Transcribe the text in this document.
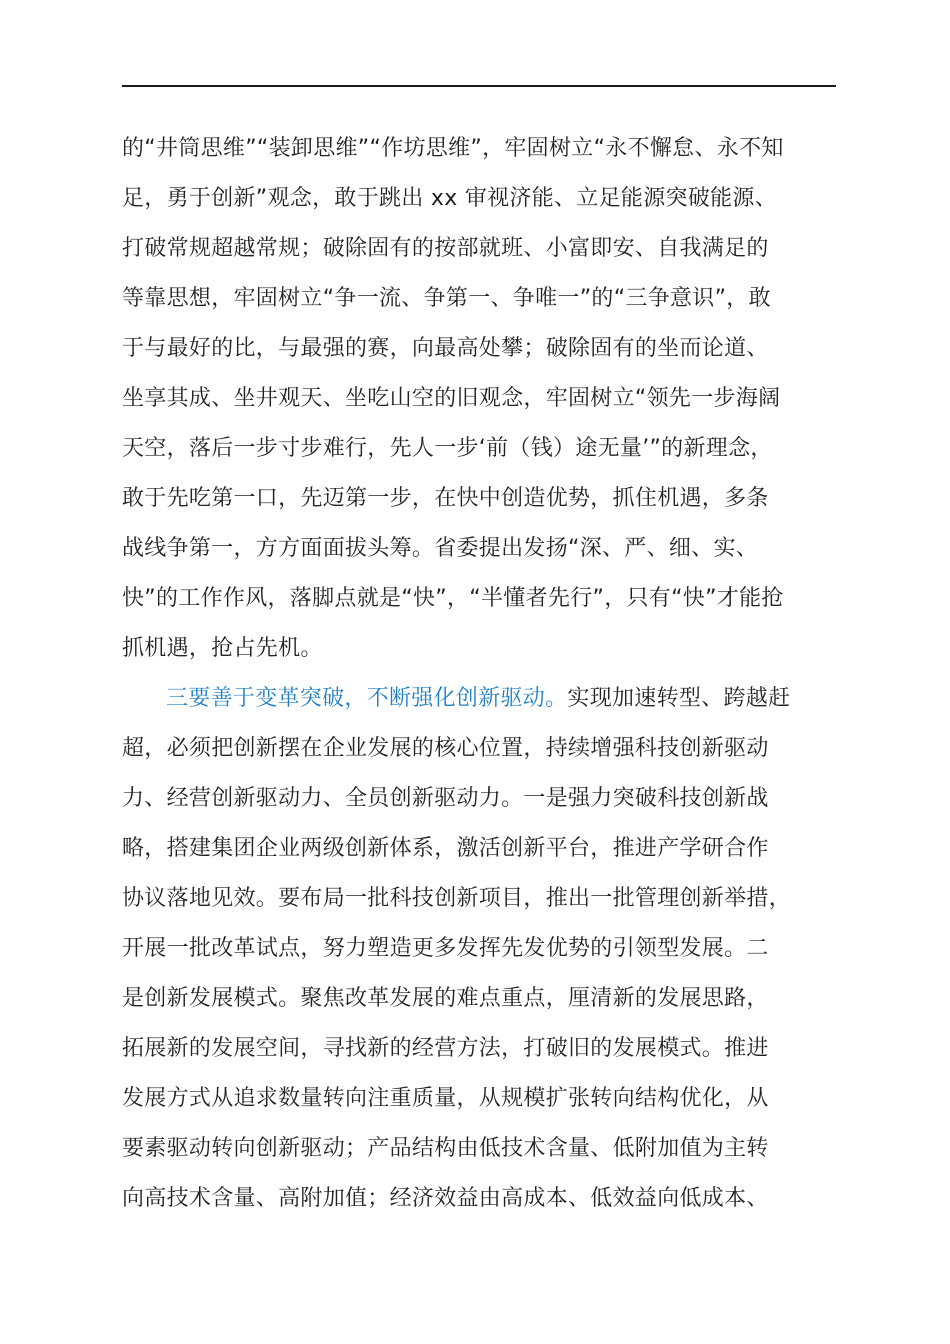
的“井筒思维”“装卸思维”“作坊思维”，牢固树立“永不懈怠、永不知
足，勇于创新”观念，敢于跳出 xx 审视济能、立足能源突破能源、
打破常规超越常规；破除固有的按部就班、小富即安、自我满足的
等靠思想，牢固树立“争一流、争第一、争唯一”的“三争意识”，敢
于与最好的比，与最强的赛，向最高处攀；破除固有的坐而论道、
坐享其成、坐井观天、坐吃山空的旧观念，牢固树立“领先一步海阔
天空，落后一步寸步难行，先人一步‘前（钱）途无量’”的新理念，
敢于先吃第一口，先迈第一步，在快中创造优势，抓住机遇，多条
战线争第一，方方面面拔头筹。省委提出发扬“深、严、细、实、
快”的工作作风，落脚点就是“快”，“半懂者先行”，只有“快”才能抢
抓机遇，抢占先机。
三要善于变革突破，不断强化创新驱动。实现加速转型、跨越赶
超，必须把创新摆在企业发展的核心位置，持续增强科技创新驱动
力、经营创新驱动力、全员创新驱动力。一是强力突破科技创新战
略，搭建集团企业两级创新体系，激活创新平台，推进产学研合作
协议落地见效。要布局一批科技创新项目，推出一批管理创新举措，
开展一批改革试点，努力塑造更多发挥先发优势的引领型发展。二
是创新发展模式。聚焦改革发展的难点重点，厘清新的发展思路，
拓展新的发展空间，寻找新的经营方法，打破旧的发展模式。推进
发展方式从追求数量转向注重质量，从规模扩张转向结构优化，从
要素驱动转向创新驱动；产品结构由低技术含量、低附加值为主转
向高技术含量、高附加值；经济效益由高成本、低效益向低成本、
